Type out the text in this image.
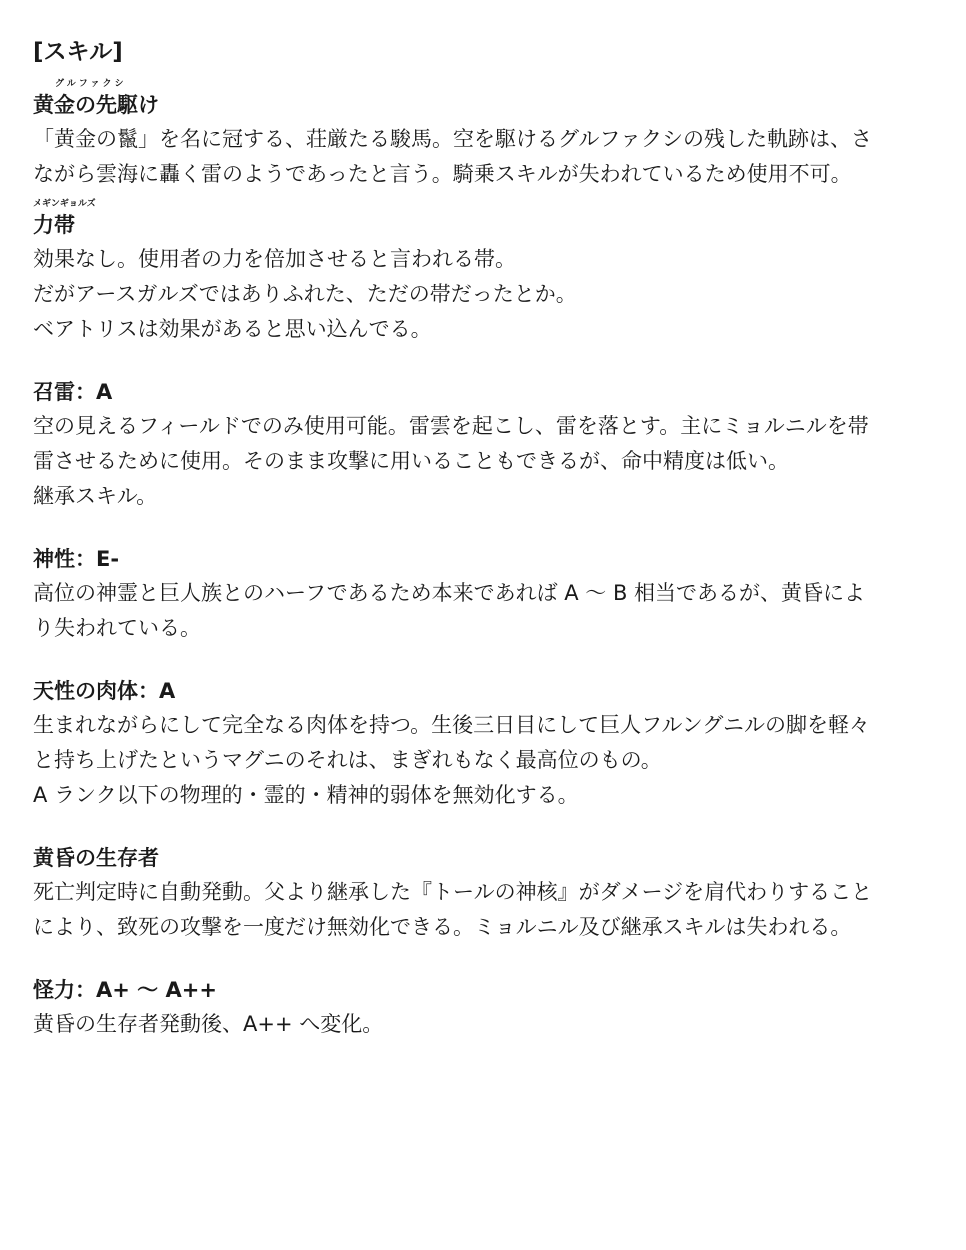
[スキル]
グルファクシ
黄金の先駆け

「黄金の鬣」を名に冠する、荘厳たる駿馬。空を駆けるグルファクシの残した軌跡は、さ

ながら雲海に轟く雷のようであったと言う。騎乗スキルが失われているため使用不可。

メギンギョルズ
力帯

効果なし。使用者の力を倍加させると言われる帯。

だがアースガルズではありふれた、ただの帯だったとか。

ベアトリスは効果があると思い込んでる。

召雷：A

空の見えるフィールドでのみ使用可能。雷雲を起こし、雷を落とす。主にミョルニルを帯

雷させるために使用。そのまま攻撃に用いることもできるが、命中精度は低い。

継承スキル。

神性：E-

高位の神霊と巨人族とのハーフであるため本来であれば A ～ B 相当であるが、黄昏によ

り失われている。

天性の肉体：A

生まれながらにして完全なる肉体を持つ。生後三日目にして巨人フルングニルの脚を軽々

と持ち上げたというマグニのそれは、まぎれもなく最高位のもの。

A ランク以下の物理的・霊的・精神的弱体を無効化する。

黄昏の生存者

死亡判定時に自動発動。父より継承した『トールの神核』がダメージを肩代わりすること

により、致死の攻撃を一度だけ無効化できる。ミョルニル及び継承スキルは失われる。

怪力：A+ ～ A++

黄昏の生存者発動後、A++ へ変化。
